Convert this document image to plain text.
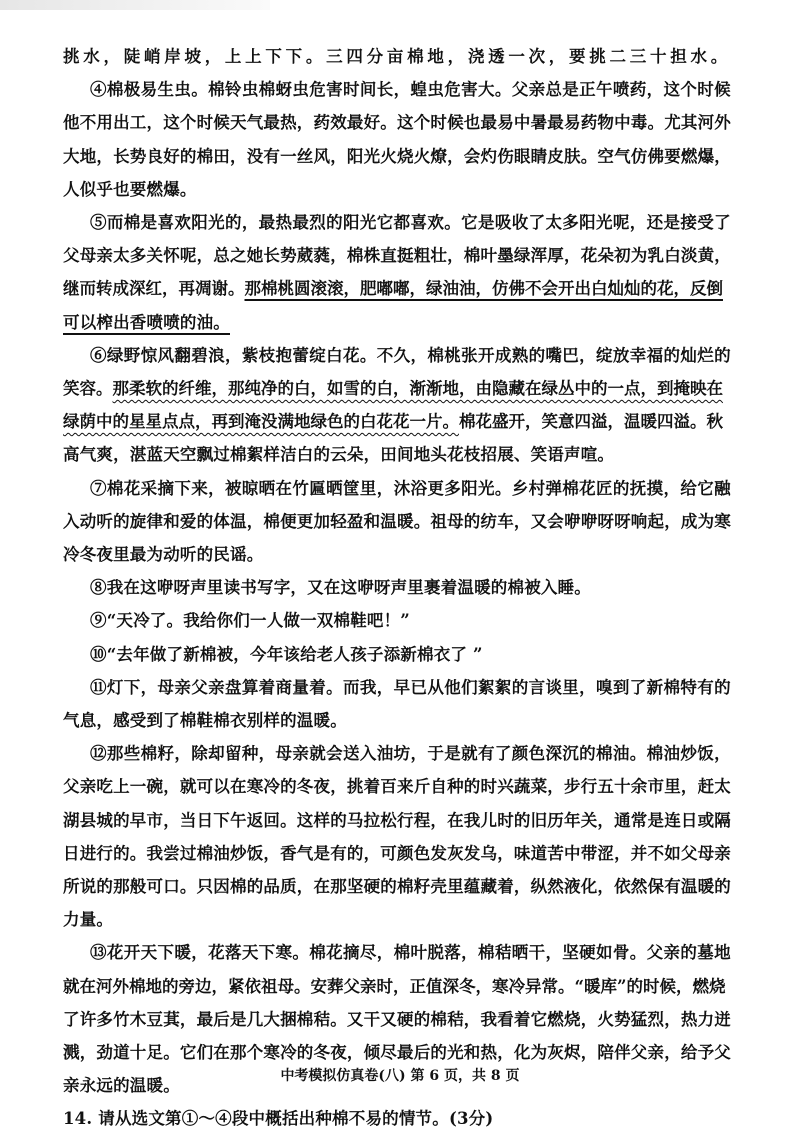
挑水，陡峭岸坡，上上下下。三四分亩棉地，浇透一次，要挑二三十担水。
④棉极易生虫。棉铃虫棉蚜虫危害时间长，蝗虫危害大。父亲总是正午喷药，这个时候
他不用出工，这个时候天气最热，药效最好。这个时候也最易中暑最易药物中毒。尤其河外
大地，长势良好的棉田，没有一丝风，阳光火烧火燎，会灼伤眼睛皮肤。空气仿佛要燃爆，
人似乎也要燃爆。
⑤而棉是喜欢阳光的，最热最烈的阳光它都喜欢。它是吸收了太多阳光呢，还是接受了
父母亲太多关怀呢，总之她长势葳蕤，棉株直挺粗壮，棉叶墨绿浑厚，花朵初为乳白淡黄，
继而转成深红，再凋谢。那棉桃圆滚滚，肥嘟嘟，绿油油，仿佛不会开出白灿灿的花，反倒
可以榨出香喷喷的油。
⑥绿野惊风翻碧浪，紫枝抱蕾绽白花。不久，棉桃张开成熟的嘴巴，绽放幸福的灿烂的
笑容。那柔软的纤维，那纯净的白，如雪的白，渐渐地，由隐藏在绿丛中的一点，到掩映在
绿荫中的星星点点，再到淹没满地绿色的白花花一片。棉花盛开，笑意四溢，温暖四溢。秋
高气爽，湛蓝天空飘过棉絮样洁白的云朵，田间地头花枝招展、笑语声喧。
⑦棉花采摘下来，被晾晒在竹匾晒筐里，沐浴更多阳光。乡村弹棉花匠的抚摸，给它融
入动听的旋律和爱的体温，棉便更加轻盈和温暖。祖母的纺车，又会咿咿呀呀响起，成为寒
冷冬夜里最为动听的民谣。
⑧我在这咿呀声里读书写字，又在这咿呀声里裹着温暖的棉被入睡。
⑨“天冷了。我给你们一人做一双棉鞋吧！”
⑩“去年做了新棉被，今年该给老人孩子添新棉衣了 ”
⑪灯下，母亲父亲盘算着商量着。而我，早已从他们絮絮的言谈里，嗅到了新棉特有的
气息，感受到了棉鞋棉衣别样的温暖。
⑫那些棉籽，除却留种，母亲就会送入油坊，于是就有了颜色深沉的棉油。棉油炒饭，
父亲吃上一碗，就可以在寒冷的冬夜，挑着百来斤自种的时兴蔬菜，步行五十余市里，赶太
湖县城的早市，当日下午返回。这样的马拉松行程，在我儿时的旧历年关，通常是连日或隔
日进行的。我尝过棉油炒饭，香气是有的，可颜色发灰发乌，味道苦中带涩，并不如父母亲
所说的那般可口。只因棉的品质，在那坚硬的棉籽壳里蕴藏着，纵然液化，依然保有温暖的
力量。
⑬花开天下暖，花落天下寒。棉花摘尽，棉叶脱落，棉秸晒干，坚硬如骨。父亲的墓地
就在河外棉地的旁边，紧依祖母。安葬父亲时，正值深冬，寒冷异常。“暖库”的时候，燃烧
了许多竹木豆萁，最后是几大捆棉秸。又干又硬的棉秸，我看着它燃烧，火势猛烈，热力迸
溅，劲道十足。它们在那个寒冷的冬夜，倾尽最后的光和热，化为灰烬，陪伴父亲，给予父
亲永远的温暖。
14. 请从选文第①～④段中概括出种棉不易的情节。(3分)
中考模拟仿真卷(八) 第 6 页，共 8 页
